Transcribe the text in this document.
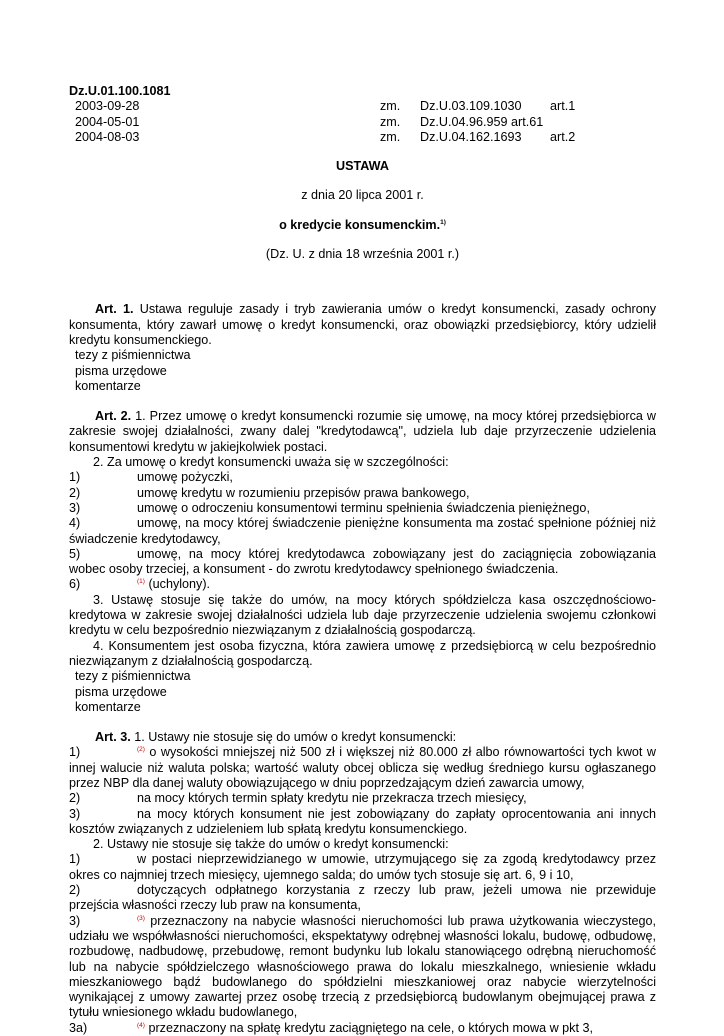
Dz.U.01.100.1081
2003-09-28	zm. Dz.U.03.109.1030 art.1
2004-05-01	zm. Dz.U.04.96.959 art.61
2004-08-03	zm. Dz.U.04.162.1693 art.2
USTAWA
z dnia 20 lipca 2001 r.
o kredycie konsumenckim.$^{1)}$
(Dz. U. z dnia 18 września 2001 r.)

Art. 1. Ustawa reguluje zasady i tryb zawierania umów o kredyt konsumencki, zasady ochrony konsumenta, który zawarł umowę o kredyt konsumencki, oraz obowiązki przedsiębiorcy, który udzielił kredytu konsumenckiego.

tezy z piśmiennictwa
pisma urzędowe
komentarze

Art. 2. 1. Przez umowę o kredyt konsumencki rozumie się umowę, na mocy której przedsiębiorca w zakresie swojej działalności, zwany dalej "kredytodawcą", udziela lub daje przyrzeczenie udzielenia konsumentowi kredytu w jakiejkolwiek postaci.

2. Za umowę o kredyt konsumencki uważa się w szczególności:

1)	umowę pożyczki,
2)	umowę kredytu w rozumieniu przepisów prawa bankowego,
3)	umowę o odroczeniu konsumentowi terminu spełnienia świadczenia pieniężnego,
4)	umowę, na mocy której świadczenie pieniężne konsumenta ma zostać spełnione później niż świadczenie kredytodawcy,
5)	umowę, na mocy której kredytodawca zobowiązany jest do zaciągnięcia zobowiązania wobec osoby trzeciej, a konsument - do zwrotu kredytodawcy spełnionego świadczenia.
6)	$^{(1)}$ (uchylony).

3. Ustawę stosuje się także do umów, na mocy których spółdzielcza kasa oszczędnościowo-kredytowa w zakresie swojej działalności udziela lub daje przyrzeczenie udzielenia swojemu członkowi kredytu w celu bezpośrednio niezwiązanym z działalnością gospodarczą.

4. Konsumentem jest osoba fizyczna, która zawiera umowę z przedsiębiorcą w celu bezpośrednio niezwiązanym z działalnością gospodarczą.

tezy z piśmiennictwa
pisma urzędowe
komentarze

Art. 3. 1. Ustawy nie stosuje się do umów o kredyt konsumencki:

1)	$^{(2)}$ o wysokości mniejszej niż 500 zł i większej niż 80.000 zł albo równowartości tych kwot w innej walucie niż waluta polska; wartość waluty obcej oblicza się według średniego kursu ogłaszanego przez NBP dla danej waluty obowiązującego w dniu poprzedzającym dzień zawarcia umowy,
2)	na mocy których termin spłaty kredytu nie przekracza trzech miesięcy,
3)	na mocy których konsument nie jest zobowiązany do zapłaty oprocentowania ani innych kosztów związanych z udzieleniem lub spłatą kredytu konsumenckiego.

2. Ustawy nie stosuje się także do umów o kredyt konsumencki:

1)	w postaci nieprzewidzianego w umowie, utrzymującego się za zgodą kredytodawcy przez okres co najmniej trzech miesięcy, ujemnego salda; do umów tych stosuje się art. 6, 9 i 10,
2)	dotyczących odpłatnego korzystania z rzeczy lub praw, jeżeli umowa nie przewiduje przejścia własności rzeczy lub praw na konsumenta,
3)	$^{(3)}$ przeznaczony na nabycie własności nieruchomości lub prawa użytkowania wieczystego, udziału we współwłasności nieruchomości, ekspektatywy odrębnej własności lokalu, budowę, odbudowę, rozbudowę, nadbudowę, przebudowę, remont budynku lub lokalu stanowiącego odrębną nieruchomość lub na nabycie spółdzielczego własnościowego prawa do lokalu mieszkalnego, wniesienie wkładu mieszkaniowego bądź budowlanego do spółdzielni mieszkaniowej oraz nabycie wierzytelności wynikającej z umowy zawartej przez osobę trzecią z przedsiębiorcą budowlanym obejmującej prawa z tytułu wniesionego wkładu budowlanego,
3a)	$^{(4)}$ przeznaczony na spłatę kredytu zaciągniętego na cele, o których mowa w pkt 3,
